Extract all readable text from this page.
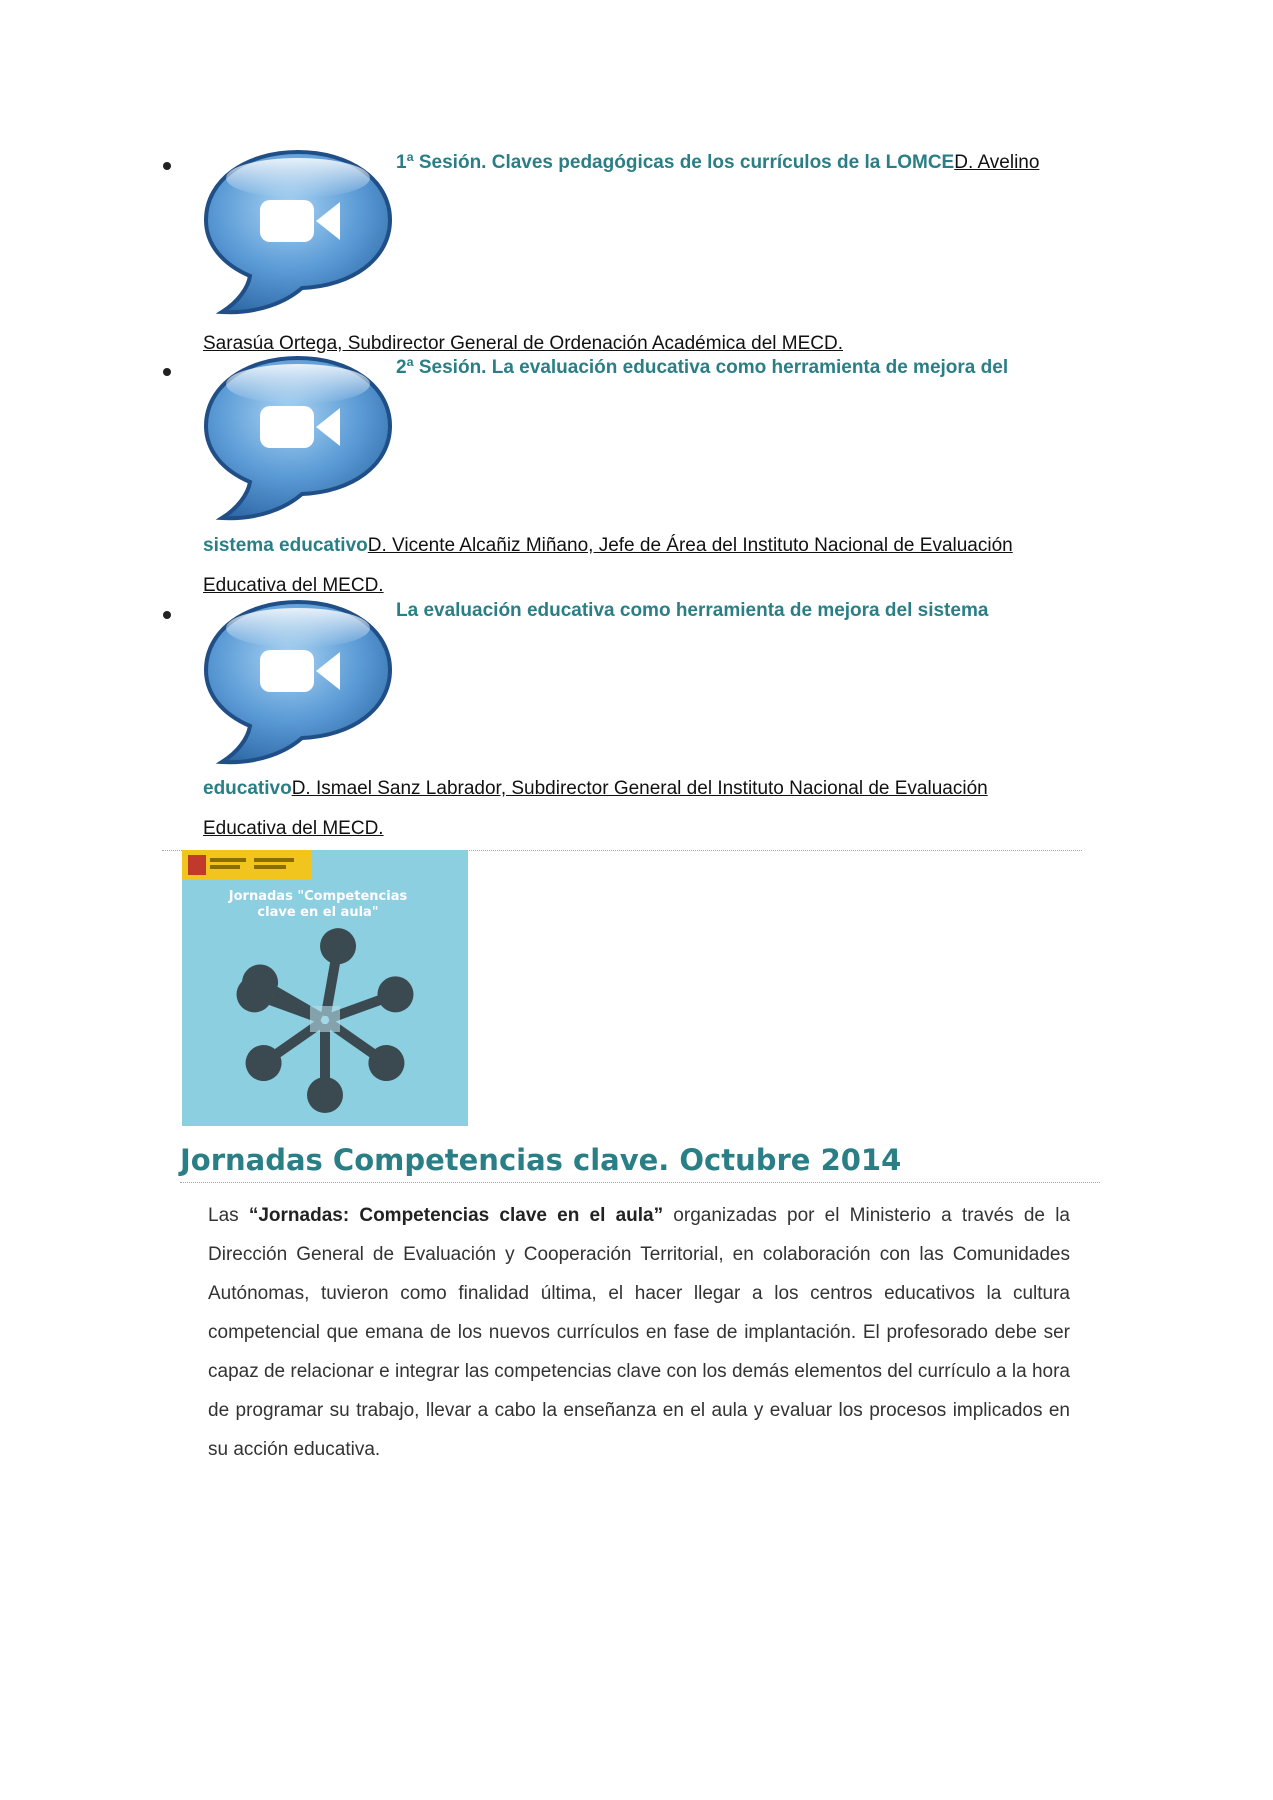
1ª Sesión. Claves pedagógicas de los currículos de la LOMCED. Avelino
Sarasúa Ortega, Subdirector General de Ordenación Académica del MECD.
2ª Sesión. La evaluación educativa como herramienta de mejora del
sistema educativoD. Vicente Alcañiz Miñano, Jefe de Área del Instituto Nacional de Evaluación
Educativa del MECD.
La evaluación educativa como herramienta de mejora del sistema
educativoD. Ismael Sanz Labrador, Subdirector General del Instituto Nacional de Evaluación
Educativa del MECD.
Jornadas "Competencias
clave en el aula"
Jornadas Competencias clave. Octubre 2014
Las “Jornadas: Competencias clave en el aula” organizadas por el Ministerio a través de la Dirección General de Evaluación y Cooperación Territorial, en colaboración con las Comunidades Autónomas, tuvieron como finalidad última, el hacer llegar a los centros educativos la cultura competencial que emana de los nuevos currículos en fase de implantación. El profesorado debe ser capaz de relacionar e integrar las competencias clave con los demás elementos del currículo a la hora de programar su trabajo, llevar a cabo la enseñanza en el aula y evaluar los procesos implicados en su acción educativa.
